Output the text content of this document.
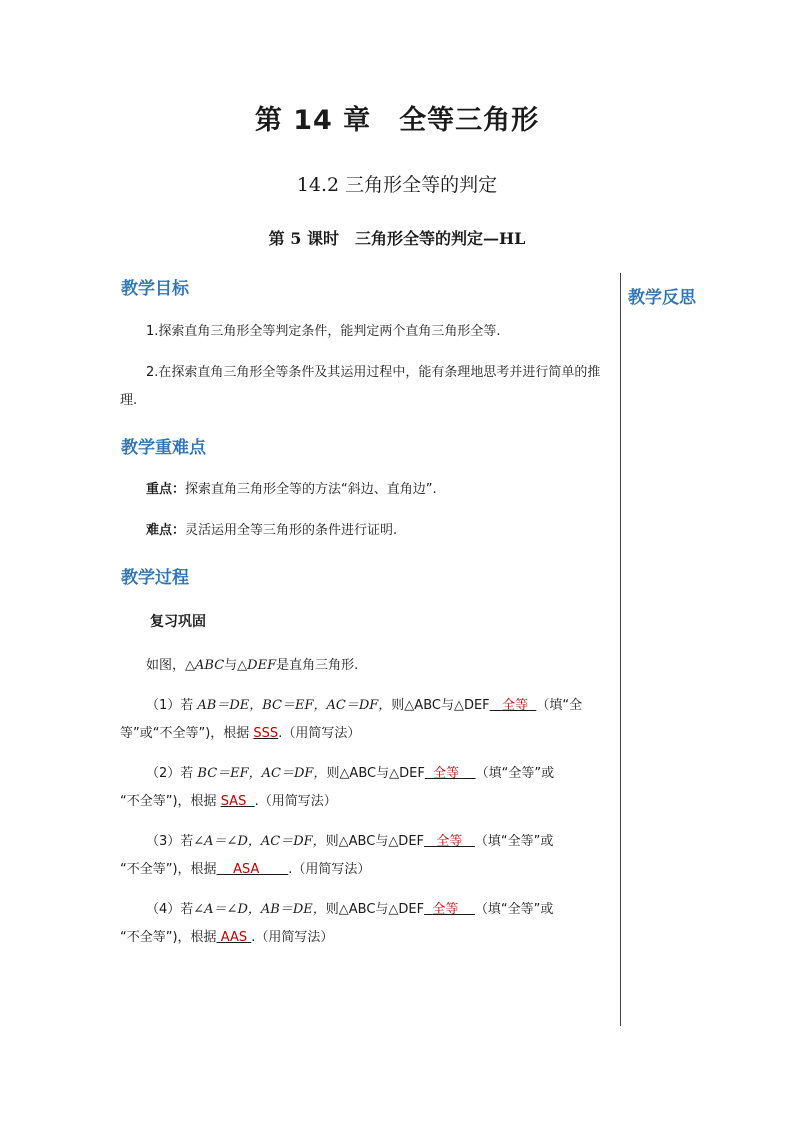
第 14 章　全等三角形
14.2 三角形全等的判定
第 5 课时　三角形全等的判定—HL
教学反思
教学目标
1.探索直角三角形全等判定条件，能判定两个直角三角形全等.
2.在探索直角三角形全等条件及其运用过程中，能有条理地思考并进行简单的推理.
教学重难点
重点：探索直角三角形全等的方法“斜边、直角边”.
难点：灵活运用全等三角形的条件进行证明.
教学过程
复习巩固
如图，△ABC与△DEF是直角三角形.
（1）若 AB＝DE，BC＝EF，AC＝DF，则△ABC与△DEF 全等 （填“全
等”或“不全等”)，根据 SSS.（用简写法）
（2）若 BC＝EF，AC＝DF，则△ABC与△DEF 全等 （填“全等”或
“不全等”)，根据 SAS .（用简写法）
（3）若∠A＝∠D，AC＝DF，则△ABC与△DEF 全等 （填“全等”或
“不全等”)，根据 ASA .（用简写法）
（4）若∠A＝∠D，AB＝DE，则△ABC与△DEF 全等 （填“全等”或
“不全等”)，根据 AAS .（用简写法）
